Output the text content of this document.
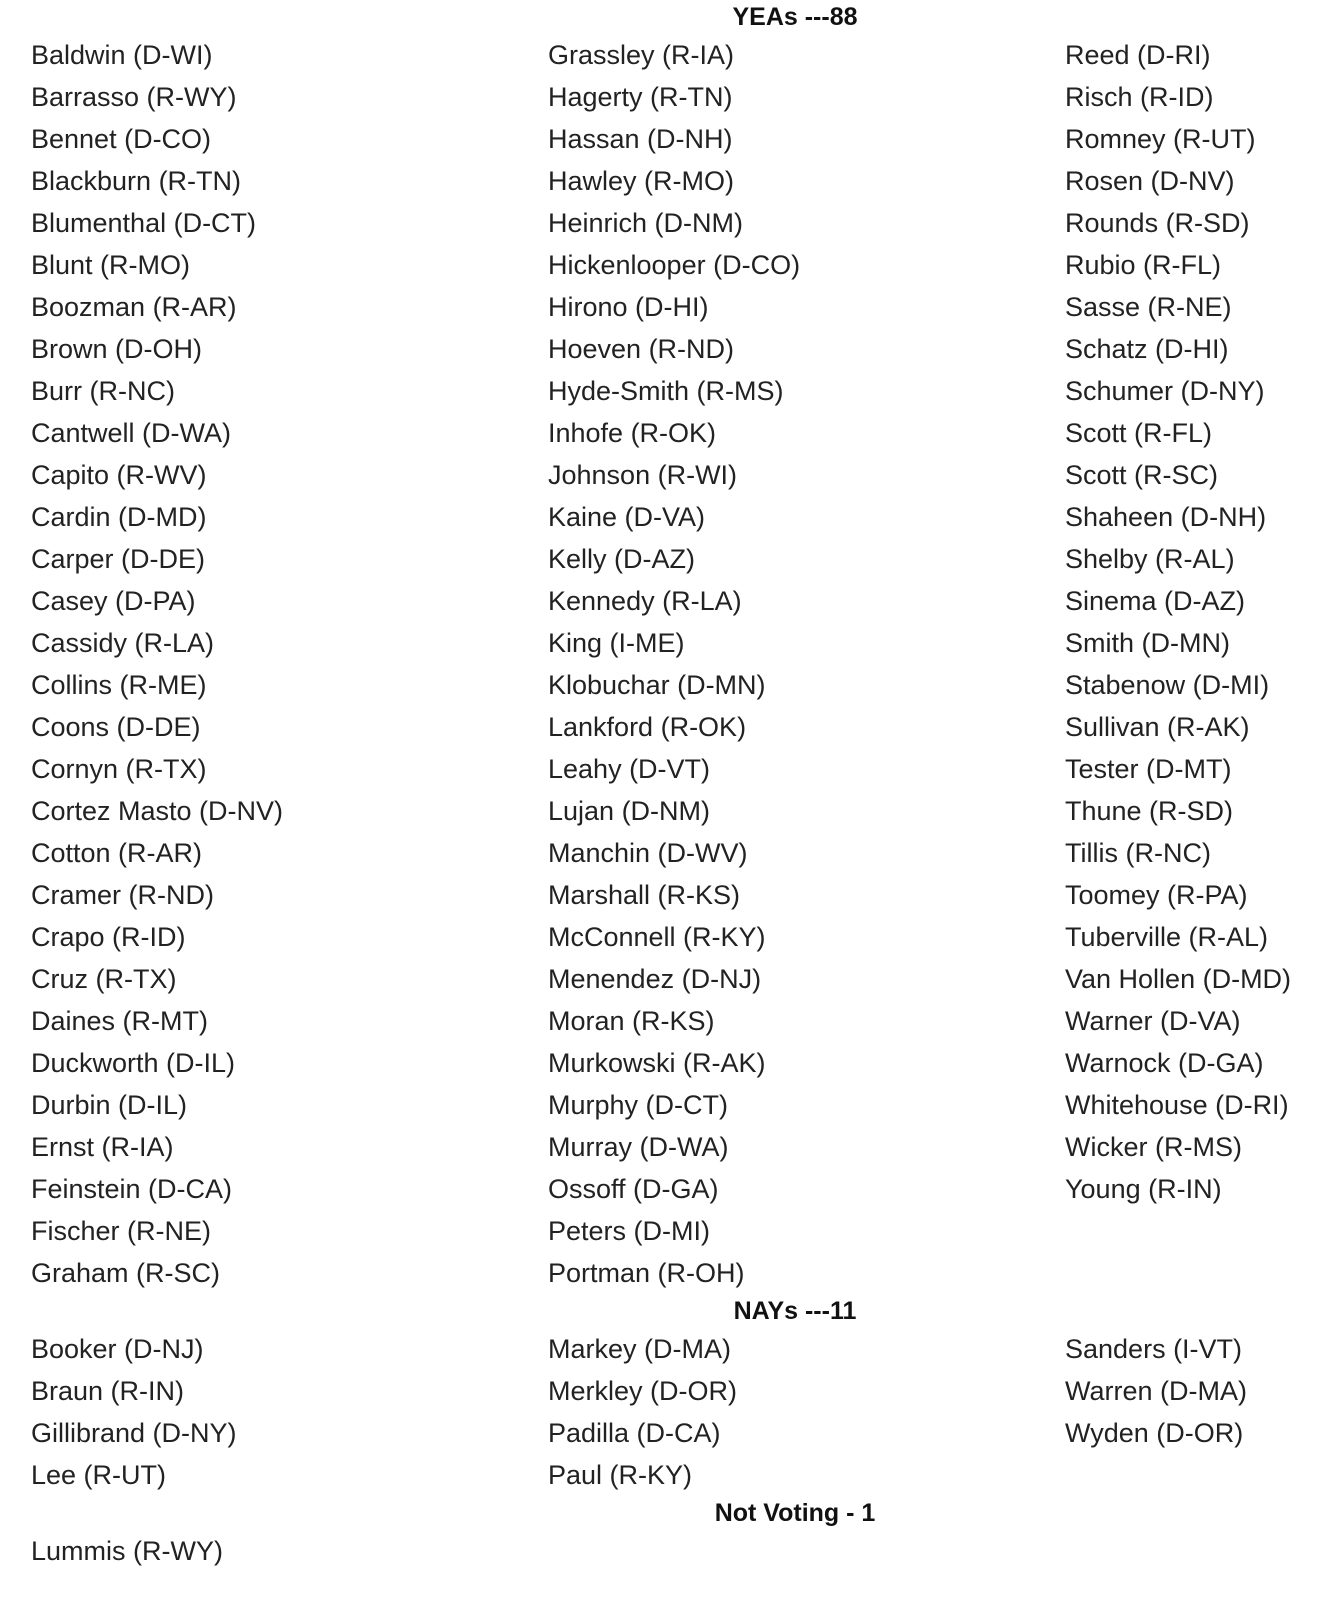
YEAs ---88
Baldwin (D-WI)
Barrasso (R-WY)
Bennet (D-CO)
Blackburn (R-TN)
Blumenthal (D-CT)
Blunt (R-MO)
Boozman (R-AR)
Brown (D-OH)
Burr (R-NC)
Cantwell (D-WA)
Capito (R-WV)
Cardin (D-MD)
Carper (D-DE)
Casey (D-PA)
Cassidy (R-LA)
Collins (R-ME)
Coons (D-DE)
Cornyn (R-TX)
Cortez Masto (D-NV)
Cotton (R-AR)
Cramer (R-ND)
Crapo (R-ID)
Cruz (R-TX)
Daines (R-MT)
Duckworth (D-IL)
Durbin (D-IL)
Ernst (R-IA)
Feinstein (D-CA)
Fischer (R-NE)
Graham (R-SC)
Grassley (R-IA)
Hagerty (R-TN)
Hassan (D-NH)
Hawley (R-MO)
Heinrich (D-NM)
Hickenlooper (D-CO)
Hirono (D-HI)
Hoeven (R-ND)
Hyde-Smith (R-MS)
Inhofe (R-OK)
Johnson (R-WI)
Kaine (D-VA)
Kelly (D-AZ)
Kennedy (R-LA)
King (I-ME)
Klobuchar (D-MN)
Lankford (R-OK)
Leahy (D-VT)
Lujan (D-NM)
Manchin (D-WV)
Marshall (R-KS)
McConnell (R-KY)
Menendez (D-NJ)
Moran (R-KS)
Murkowski (R-AK)
Murphy (D-CT)
Murray (D-WA)
Ossoff (D-GA)
Peters (D-MI)
Portman (R-OH)
Reed (D-RI)
Risch (R-ID)
Romney (R-UT)
Rosen (D-NV)
Rounds (R-SD)
Rubio (R-FL)
Sasse (R-NE)
Schatz (D-HI)
Schumer (D-NY)
Scott (R-FL)
Scott (R-SC)
Shaheen (D-NH)
Shelby (R-AL)
Sinema (D-AZ)
Smith (D-MN)
Stabenow (D-MI)
Sullivan (R-AK)
Tester (D-MT)
Thune (R-SD)
Tillis (R-NC)
Toomey (R-PA)
Tuberville (R-AL)
Van Hollen (D-MD)
Warner (D-VA)
Warnock (D-GA)
Whitehouse (D-RI)
Wicker (R-MS)
Young (R-IN)
NAYs ---11
Booker (D-NJ)
Braun (R-IN)
Gillibrand (D-NY)
Lee (R-UT)
Markey (D-MA)
Merkley (D-OR)
Padilla (D-CA)
Paul (R-KY)
Sanders (I-VT)
Warren (D-MA)
Wyden (D-OR)
Not Voting - 1
Lummis (R-WY)
